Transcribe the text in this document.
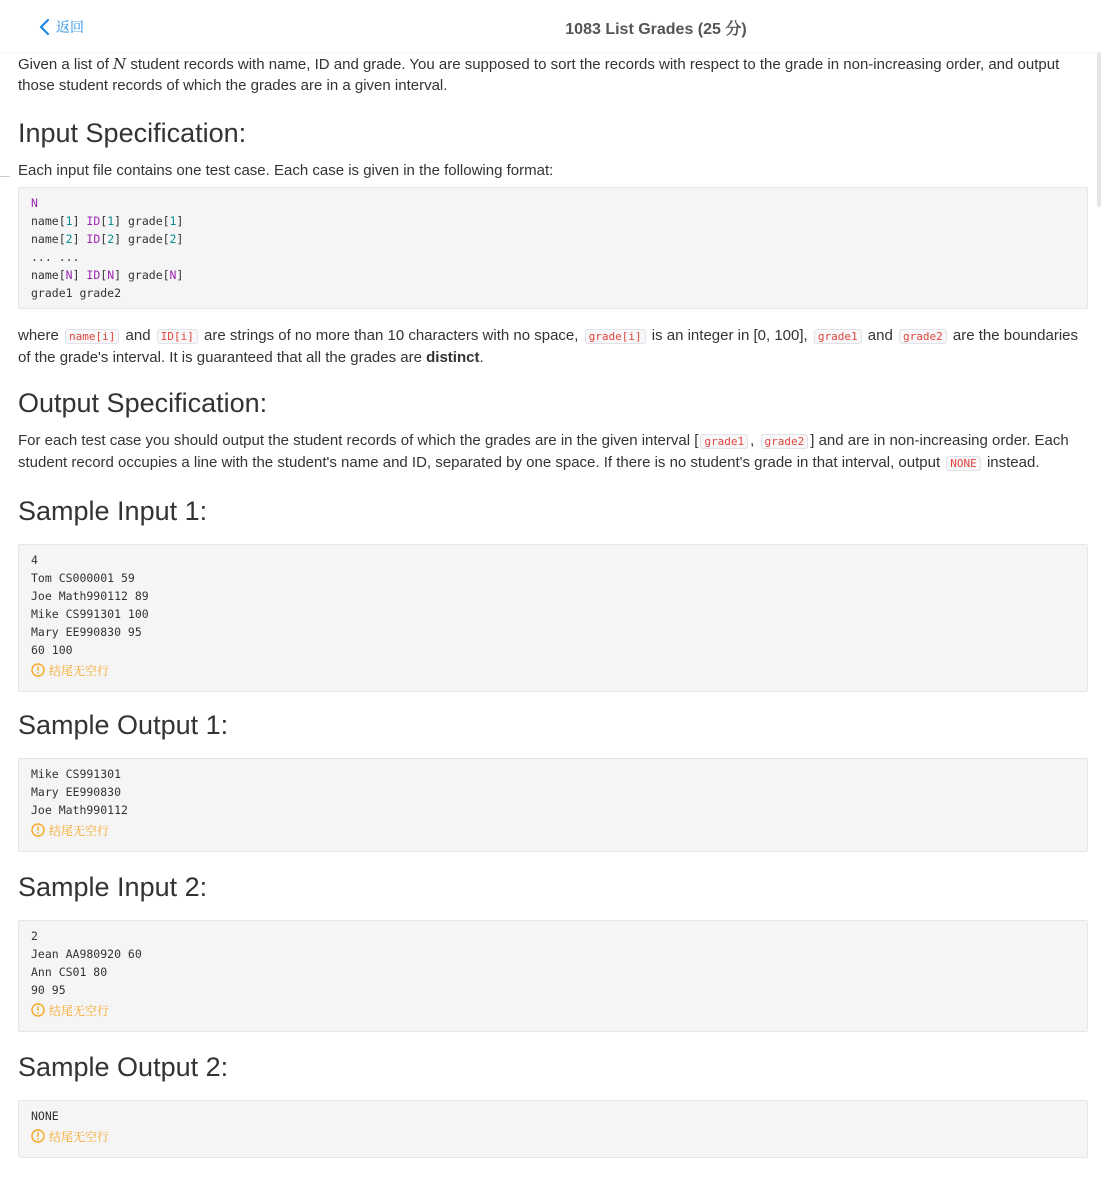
返回	1083 List Grades (25 分)

Given a list of N student records with name, ID and grade. You are supposed to sort the records with respect to the grade in non-increasing order, and output those student records of which the grades are in a given interval.

Input Specification:

Each input file contains one test case. Each case is given in the following format:

N
name[1] ID[1] grade[1]
name[2] ID[2] grade[2]
... ...
name[N] ID[N] grade[N]
grade1 grade2

where name[i] and ID[i] are strings of no more than 10 characters with no space, grade[i] is an integer in [0, 100], grade1 and grade2 are the boundaries of the grade's interval. It is guaranteed that all the grades are distinct.

Output Specification:

For each test case you should output the student records of which the grades are in the given interval [ grade1 , grade2 ] and are in non-increasing order. Each student record occupies a line with the student's name and ID, separated by one space. If there is no student's grade in that interval, output NONE instead.

Sample Input 1:
4
Tom CS000001 59
Joe Math990112 89
Mike CS991301 100
Mary EE990830 95
60 100
结尾无空行
Sample Output 1:
Mike CS991301
Mary EE990830
Joe Math990112
结尾无空行
Sample Input 2:
2
Jean AA980920 60
Ann CS01 80
90 95
结尾无空行
Sample Output 2:
NONE
结尾无空行
